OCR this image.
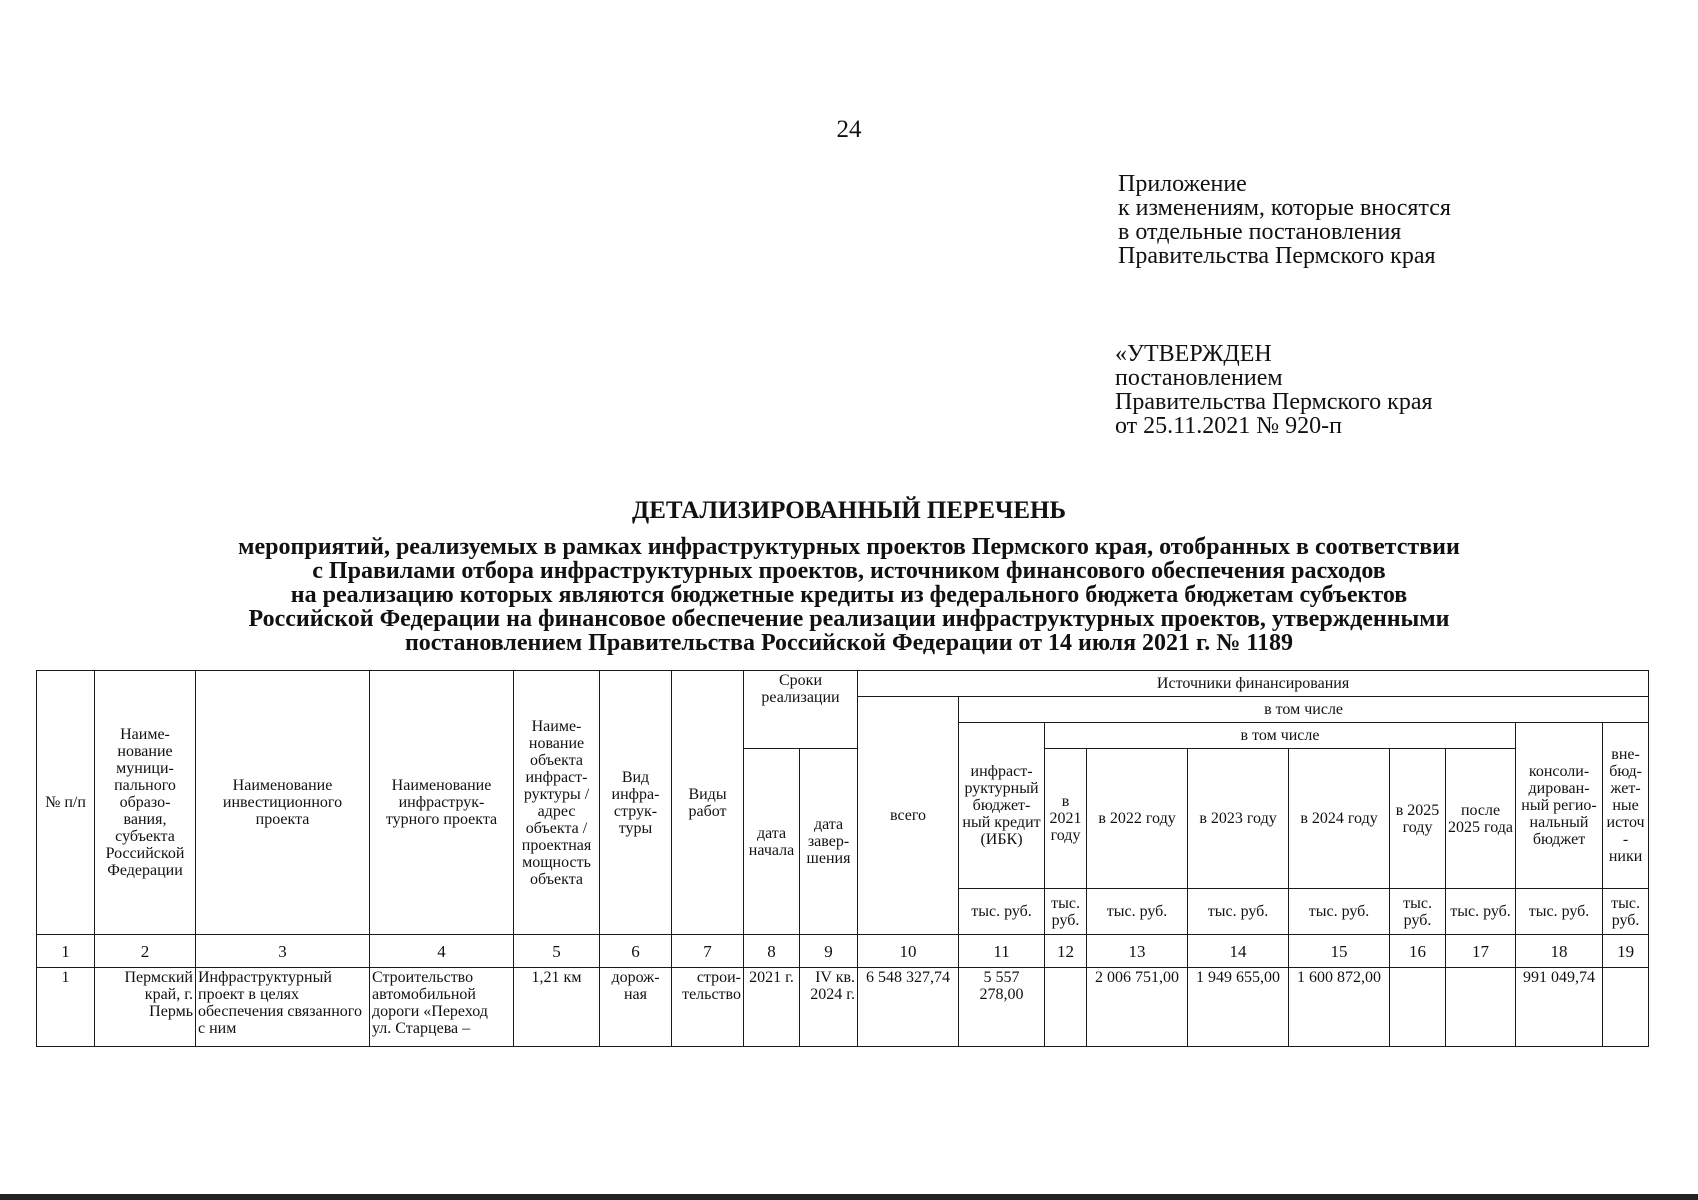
24
Приложение
к изменениям, которые вносятся
в отдельные постановления
Правительства Пермского края
«УТВЕРЖДЕН
постановлением
Правительства Пермского края
от 25.11.2021 № 920-п
ДЕТАЛИЗИРОВАННЫЙ ПЕРЕЧЕНЬ
мероприятий, реализуемых в рамках инфраструктурных проектов Пермского края, отобранных в соответствии
с Правилами отбора инфраструктурных проектов, источником финансового обеспечения расходов
на реализацию которых являются бюджетные кредиты из федерального бюджета бюджетам субъектов
Российской Федерации на финансовое обеспечение реализации инфраструктурных проектов, утвержденными
постановлением Правительства Российской Федерации от 14 июля 2021 г. № 1189
№ п/п	Наиме- нование муници- пального образо- вания, субъекта Российской Федерации	Наименование инвестиционного проекта	Наименование инфраструк- турного проекта	Наиме- нование объекта инфраст- руктуры / адрес объекта / проектная мощность объекта	Вид инфра- струк- туры	Виды работ	Сроки реализации		Источники финансирования									
									всего	в том числе								
										инфраст- руктурный бюджет- ный кредит (ИБК)	в том числе						консоли- дирован- ный регио- нальный бюджет	вне- бюд- жет- ные источ- ники
							дата начала	дата завер- шения			в 2021 году	в 2022 году	в 2023 году	в 2024 году	в 2025 году	после 2025 года		
										тыс. руб.	тыс. руб.	тыс. руб.	тыс. руб.	тыс. руб.	тыс. руб.	тыс. руб.	тыс. руб.	тыс. руб.
1	2	3	4	5	6	7	8	9	10	11	12	13	14	15	16	17	18	19
1	Пермский край, г. Пермь	Инфраструктурный проект в целях обеспечения связанного с ним	Строительство автомобильной дороги «Переход ул. Старцева –	1,21 км	дорож- ная	строи- тельство	2021 г.	IV кв. 2024 г.	6 548 327,74	5 557 278,00		2 006 751,00	1 949 655,00	1 600 872,00			991 049,74	
